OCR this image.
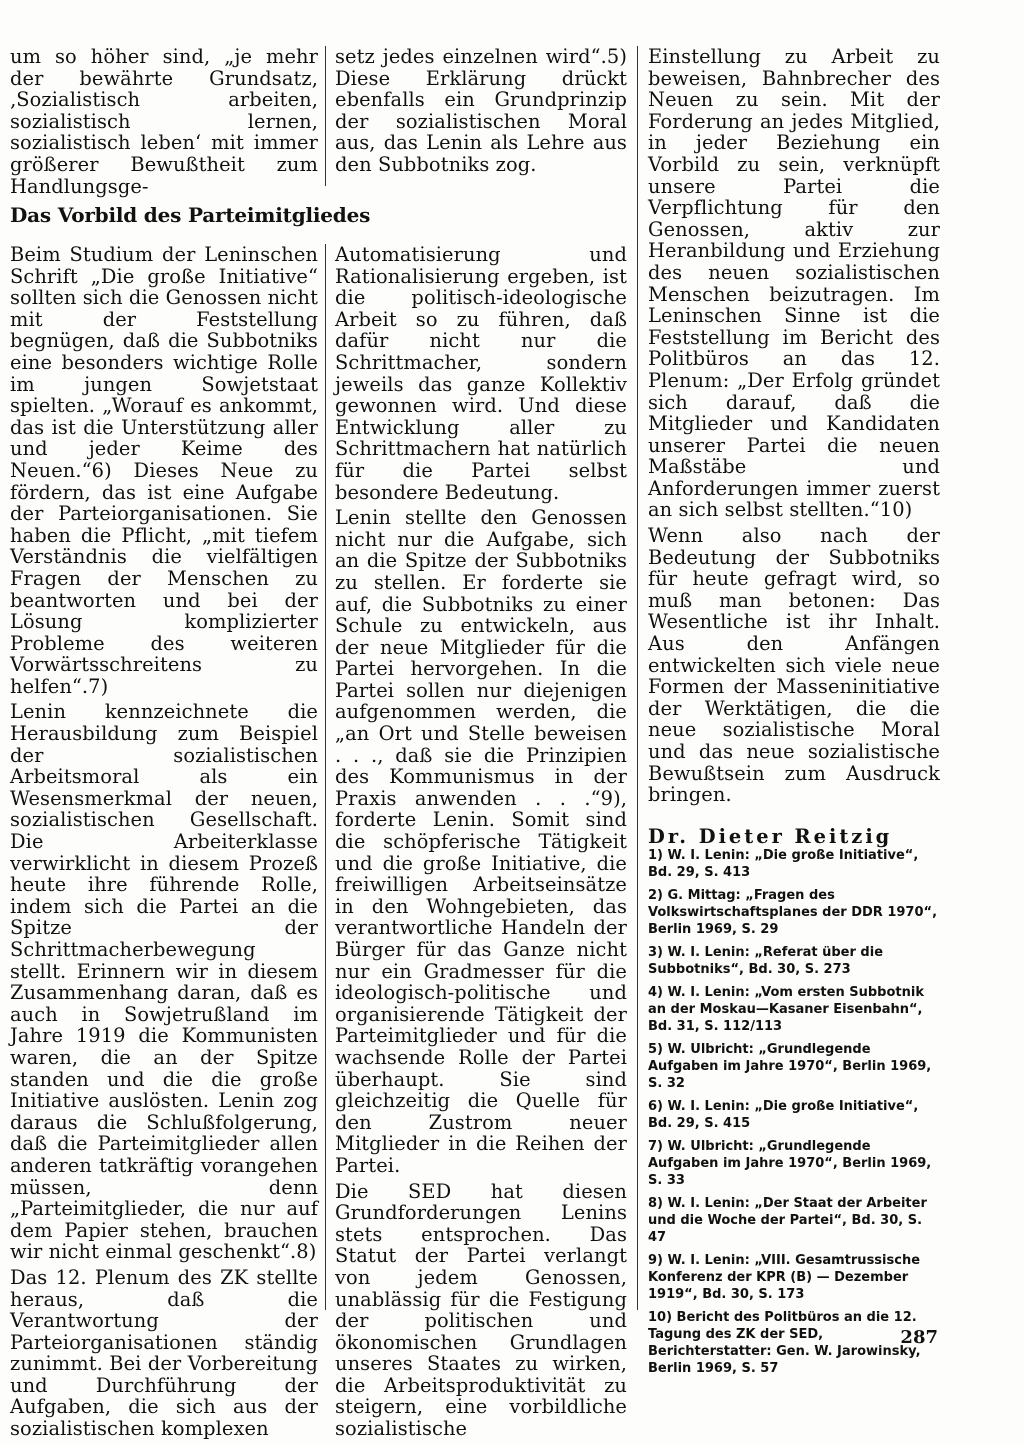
um so höher sind, „je mehr der bewährte Grundsatz, ‚Sozialistisch arbeiten, sozialistisch lernen, sozialistisch leben‘ mit immer größerer Bewußtheit zum Handlungsge-

setz jedes einzelnen wird“.5) Diese Erklärung drückt ebenfalls ein Grundprinzip der sozialistischen Moral aus, das Lenin als Lehre aus den Subbotniks zog.

Das Vorbild des Parteimitgliedes

Beim Studium der Leninschen Schrift „Die große Initiative“ sollten sich die Genossen nicht mit der Feststellung begnügen, daß die Subbotniks eine besonders wichtige Rolle im jungen Sowjetstaat spielten. „Worauf es ankommt, das ist die Unterstützung aller und jeder Keime des Neuen.“6) Dieses Neue zu fördern, das ist eine Aufgabe der Parteiorganisationen. Sie haben die Pflicht, „mit tiefem Verständnis die vielfältigen Fragen der Menschen zu beantworten und bei der Lösung komplizierter Probleme des weiteren Vorwärtsschreitens zu helfen“.7)

Lenin kennzeichnete die Herausbildung zum Beispiel der sozialistischen Arbeitsmoral als ein Wesensmerkmal der neuen, sozialistischen Gesellschaft. Die Arbeiterklasse verwirklicht in diesem Prozeß heute ihre führende Rolle, indem sich die Partei an die Spitze der Schrittmacherbewegung stellt. Erinnern wir in diesem Zusammenhang daran, daß es auch in Sowjetrußland im Jahre 1919 die Kommunisten waren, die an der Spitze standen und die die große Initiative auslösten. Lenin zog daraus die Schlußfolgerung, daß die Parteimitglieder allen anderen tatkräftig vorangehen müssen, denn „Parteimitglieder, die nur auf dem Papier stehen, brauchen wir nicht einmal geschenkt“.8)

Das 12. Plenum des ZK stellte heraus, daß die Verantwortung der Parteiorganisationen ständig zunimmt. Bei der Vorbereitung und Durchführung der Aufgaben, die sich aus der sozialistischen komplexen

Automatisierung und Rationalisierung ergeben, ist die politisch-ideologische Arbeit so zu führen, daß dafür nicht nur die Schrittmacher, sondern jeweils das ganze Kollektiv gewonnen wird. Und diese Entwicklung aller zu Schrittmachern hat natürlich für die Partei selbst besondere Bedeutung.

Lenin stellte den Genossen nicht nur die Aufgabe, sich an die Spitze der Subbotniks zu stellen. Er forderte sie auf, die Subbotniks zu einer Schule zu entwickeln, aus der neue Mitglieder für die Partei hervorgehen. In die Partei sollen nur diejenigen aufgenommen werden, die „an Ort und Stelle beweisen . . ., daß sie die Prinzipien des Kommunismus in der Praxis anwenden . . .“9), forderte Lenin. Somit sind die schöpferische Tätigkeit und die große Initiative, die freiwilligen Arbeitseinsätze in den Wohngebieten, das verantwortliche Handeln der Bürger für das Ganze nicht nur ein Gradmesser für die ideologisch-politische und organisierende Tätigkeit der Parteimitglieder und für die wachsende Rolle der Partei überhaupt. Sie sind gleichzeitig die Quelle für den Zustrom neuer Mitglieder in die Reihen der Partei.

Die SED hat diesen Grundforderungen Lenins stets entsprochen. Das Statut der Partei verlangt von jedem Genossen, unablässig für die Festigung der politischen und ökonomischen Grundlagen unseres Staates zu wirken, die Arbeitsproduktivität zu steigern, eine vorbildliche sozialistische

Einstellung zu Arbeit zu beweisen, Bahnbrecher des Neuen zu sein. Mit der Forderung an jedes Mitglied, in jeder Beziehung ein Vorbild zu sein, verknüpft unsere Partei die Verpflichtung für den Genossen, aktiv zur Heranbildung und Erziehung des neuen sozialistischen Menschen beizutragen. Im Leninschen Sinne ist die Feststellung im Bericht des Politbüros an das 12. Plenum: „Der Erfolg gründet sich darauf, daß die Mitglieder und Kandidaten unserer Partei die neuen Maßstäbe und Anforderungen immer zuerst an sich selbst stellten.“10)

Wenn also nach der Bedeutung der Subbotniks für heute gefragt wird, so muß man betonen: Das Wesentliche ist ihr Inhalt. Aus den Anfängen entwickelten sich viele neue Formen der Masseninitiative der Werktätigen, die die neue sozialistische Moral und das neue sozialistische Bewußtsein zum Ausdruck bringen.

Dr. Dieter Reitzig

1) W. I. Lenin: „Die große Initiative“, Bd. 29, S. 413

2) G. Mittag: „Fragen des Volkswirtschaftsplanes der DDR 1970“, Berlin 1969, S. 29

3) W. I. Lenin: „Referat über die Subbotniks“, Bd. 30, S. 273

4) W. I. Lenin: „Vom ersten Subbotnik an der Moskau—Kasaner Eisenbahn“, Bd. 31, S. 112/113

5) W. Ulbricht: „Grundlegende Aufgaben im Jahre 1970“, Berlin 1969, S. 32

6) W. I. Lenin: „Die große Initiative“, Bd. 29, S. 415

7) W. Ulbricht: „Grundlegende Aufgaben im Jahre 1970“, Berlin 1969, S. 33

8) W. I. Lenin: „Der Staat der Arbeiter und die Woche der Partei“, Bd. 30, S. 47

9) W. I. Lenin: „VIII. Gesamtrussische Konferenz der KPR (B) — Dezember 1919“, Bd. 30, S. 173

10) Bericht des Politbüros an die 12. Tagung des ZK der SED, Berichterstatter: Gen. W. Jarowinsky, Berlin 1969, S. 57

287
